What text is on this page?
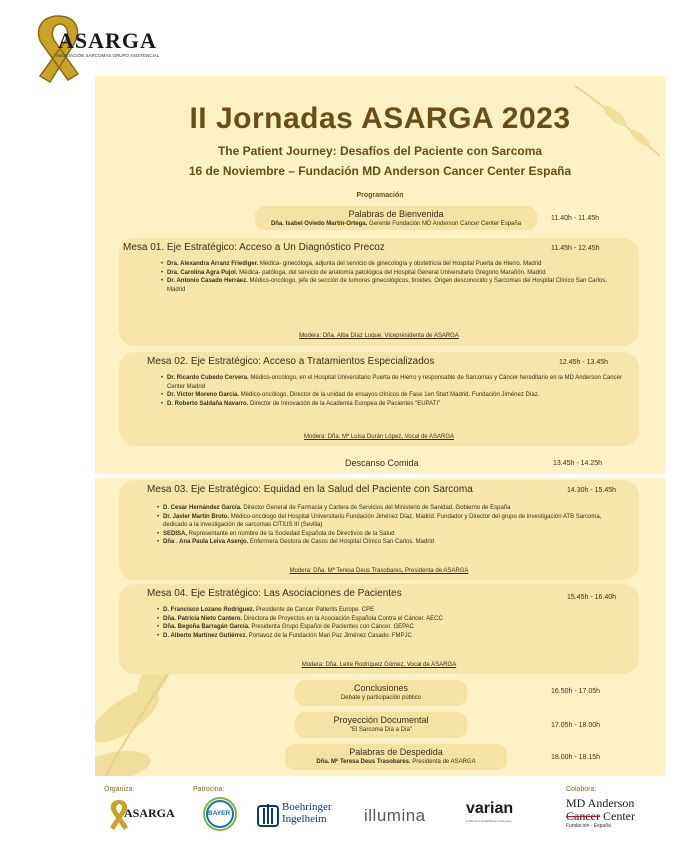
ASARGA
ASOCIACIÓN SARCOMAS GRUPO ASISTENCIAL
II Jornadas ASARGA 2023
The Patient Journey: Desafíos del Paciente con Sarcoma
16 de Noviembre – Fundación MD Anderson Cancer Center España
Programación
Palabras de Bienvenida
Dña. Isabel Oviedo Martín-Ortega. Gerente Fundación MD Anderson Cancer Center España
11.40h - 11.45h
Mesa 01. Eje Estratégico: Acceso a Un Diagnóstico Precoz	11.45h - 12.45h
• Dra. Alexandra Arranz Friediger. Médica- ginecóloga, adjunta del servicio de ginecología y obstetricia del Hospital Puerta de Hierro. Madrid
• Dra. Carolina Agra Pujol. Médica- patóloga, del servicio de anatomía patológica del Hospital General Universitario Gregorio Marañón. Madrid
• Dr. Antonio Casado Herráez. Médico-oncólogo, jefe de sección de tumores ginecológicos, tiroides. Origen desconocido y Sarcomas del Hospital Clínico San Carlos. Madrid
Modera: Dña. Alba Díaz Luque, Vicepresidenta de ASARGA
Mesa 02. Eje Estratégico: Acceso a Tratamientos Especializados	12.45h - 13.45h
• Dr. Ricardo Cubedo Cervera. Médico-oncólogo, en el Hospital Universitario Puerta de Hierro y responsable de Sarcomas y Cáncer hereditario en la MD Anderson Cancer Center Madrid
• Dr. Víctor Moreno García. Médico-oncólogo, Director de la unidad de ensayos clínicos de Fase 1en Start Madrid. Fundación Jiménez Díaz.
• D. Roberto Saldaña Navarro. Director de Innovación de la Academia Europea de Pacientes "EUPATI"
Modera: Dña. Mª Luisa Durán López, Vocal de ASARGA
Descanso Comida	13.45h - 14.25h
Mesa 03. Eje Estratégico: Equidad en la Salud del Paciente con Sarcoma	14.30h - 15.45h
• D. Cesar Hernández García. Director General de Farmacia y Cartera de Servicios del Ministerio de Sanidad. Gobierno de España
• Dr. Javier Martín Broto. Médico-oncólogo del Hospital Universitario Fundación Jiménez Díaz. Madrid. Fundador y Director del grupo de investigación ATB Sarcoma, dedicado a la investigación de sarcomas CITIUS III (Sevilla)
• SEDISA, Representante en nombre de la Sociedad Española de Directivos de la Salud
• Dña . Ana Paula Leiva Asenjo. Enfermera Gestora de Casos del Hospital Clínico San Carlos. Madrid
Modera: Dña. Mª Teresa Deus Trasobares, Presidenta de ASARGA
Mesa 04. Eje Estratégico: Las Asociaciones de Pacientes	15.45h - 16.40h
• D. Francisco Lozano Rodriguez. Presidente de Cancer Patients Europe. CPE
• Dña. Patricia Nieto Cantero. Directora de Proyectos en la Asociación Española Contra el Cáncer. AECC
• Dña. Begoña Barragán García. Presidenta Grupo Español de Pacientes con Cáncer. GEPAC
• D. Alberto Martínez Gutiérrez. Portavoz de la Fundación Mari Paz Jiménez Casado. FMPJC
Modera: Dña. Leire Rodríguez Gómez, Vocal de ASARGA
Conclusiones
Debate y participación público
16.50h - 17.05h
Proyección Documental
"El Sarcoma Día a Día"
17.05h - 18.00h
Palabras de Despedida
Dña. Mª Teresa Deus Trasobares. Presidenta de ASARGA
18.00h - 18.15h
Organiza:	Patrocina:	Colabora:
ASARGA	BAYER
Boehringer
Ingelheim illumina	varian
A Siemens Healthineers Company
MD Anderson
Cancer Center
Fundación · España
